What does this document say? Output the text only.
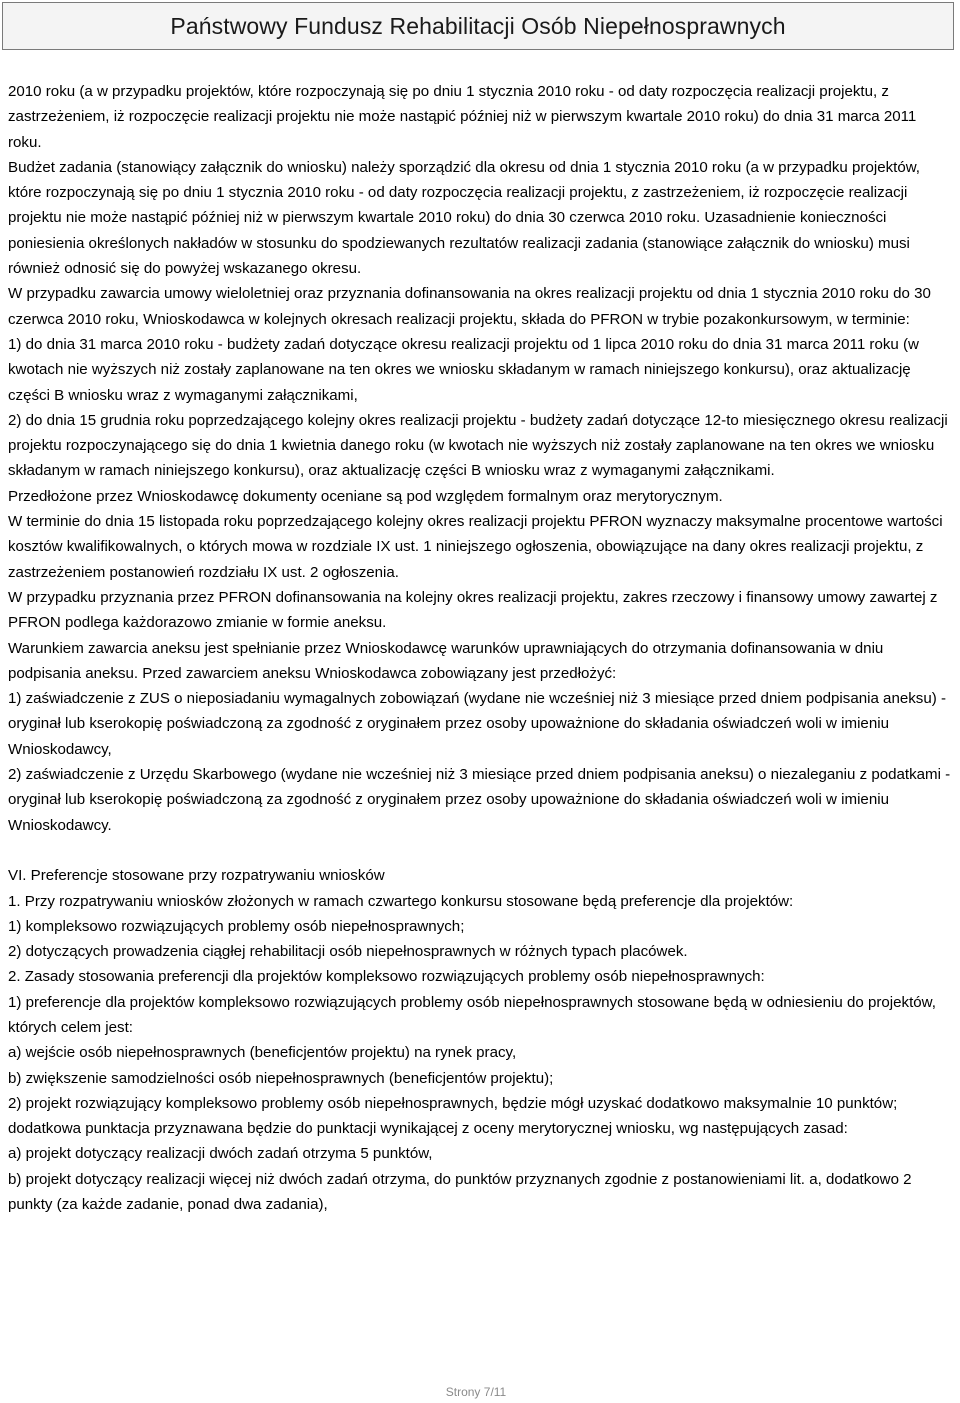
Państwowy Fundusz Rehabilitacji Osób Niepełnosprawnych

2010 roku (a w przypadku projektów, które rozpoczynają się po dniu 1 stycznia 2010 roku - od daty rozpoczęcia realizacji projektu, z zastrzeżeniem, iż rozpoczęcie realizacji projektu nie może nastąpić później niż w pierwszym kwartale 2010 roku) do dnia 31 marca 2011 roku.

Budżet zadania (stanowiący załącznik do wniosku) należy sporządzić dla okresu od dnia 1 stycznia 2010 roku (a w przypadku projektów, które rozpoczynają się po dniu 1 stycznia 2010 roku - od daty rozpoczęcia realizacji projektu, z zastrzeżeniem, iż rozpoczęcie realizacji projektu nie może nastąpić później niż w pierwszym kwartale 2010 roku) do dnia 30 czerwca 2010 roku. Uzasadnienie konieczności poniesienia określonych nakładów w stosunku do spodziewanych rezultatów realizacji zadania (stanowiące załącznik do wniosku) musi również odnosić się do powyżej wskazanego okresu.

W przypadku zawarcia umowy wieloletniej oraz przyznania dofinansowania na okres realizacji projektu od dnia 1 stycznia 2010 roku do 30 czerwca 2010 roku, Wnioskodawca w kolejnych okresach realizacji projektu, składa do PFRON w trybie pozakonkursowym, w terminie:

1) do dnia 31 marca 2010 roku - budżety zadań dotyczące okresu realizacji projektu od 1 lipca 2010 roku do dnia 31 marca 2011 roku (w kwotach nie wyższych niż zostały zaplanowane na ten okres we wniosku składanym w ramach niniejszego konkursu), oraz aktualizację części B wniosku wraz z wymaganymi załącznikami,

2) do dnia 15 grudnia roku poprzedzającego kolejny okres realizacji projektu - budżety zadań dotyczące 12-to miesięcznego okresu realizacji projektu rozpoczynającego się do dnia 1 kwietnia danego roku (w kwotach nie wyższych niż zostały zaplanowane na ten okres we wniosku składanym w ramach niniejszego konkursu), oraz aktualizację części B wniosku wraz z wymaganymi załącznikami.

Przedłożone przez Wnioskodawcę dokumenty oceniane są pod względem formalnym oraz merytorycznym.

W terminie do dnia 15 listopada roku poprzedzającego kolejny okres realizacji projektu PFRON wyznaczy maksymalne procentowe wartości kosztów kwalifikowalnych, o których mowa w rozdziale IX ust. 1 niniejszego ogłoszenia, obowiązujące na dany okres realizacji projektu, z zastrzeżeniem postanowień rozdziału IX ust. 2 ogłoszenia.

W przypadku przyznania przez PFRON dofinansowania na kolejny okres realizacji projektu, zakres rzeczowy i finansowy umowy zawartej z PFRON podlega każdorazowo zmianie w formie aneksu.

Warunkiem zawarcia aneksu jest spełnianie przez Wnioskodawcę warunków uprawniających do otrzymania dofinansowania w dniu podpisania aneksu. Przed zawarciem aneksu Wnioskodawca zobowiązany jest przedłożyć:

1) zaświadczenie z ZUS o nieposiadaniu wymagalnych zobowiązań (wydane nie wcześniej niż 3 miesiące przed dniem podpisania aneksu) - oryginał lub kserokopię poświadczoną za zgodność z oryginałem przez osoby upoważnione do składania oświadczeń woli w imieniu Wnioskodawcy,

2) zaświadczenie z Urzędu Skarbowego (wydane nie wcześniej niż 3 miesiące przed dniem podpisania aneksu) o niezaleganiu z podatkami - oryginał lub kserokopię poświadczoną za zgodność z oryginałem przez osoby upoważnione do składania oświadczeń woli w imieniu Wnioskodawcy.

VI. Preferencje stosowane przy rozpatrywaniu wniosków

1. Przy rozpatrywaniu wniosków złożonych w ramach czwartego konkursu stosowane będą preferencje dla projektów:

1) kompleksowo rozwiązujących problemy osób niepełnosprawnych;

2) dotyczących prowadzenia ciągłej rehabilitacji osób niepełnosprawnych w różnych typach placówek.

2. Zasady stosowania preferencji dla projektów kompleksowo rozwiązujących problemy osób niepełnosprawnych:

1) preferencje dla projektów kompleksowo rozwiązujących problemy osób niepełnosprawnych stosowane będą w odniesieniu do projektów, których celem jest:

a) wejście osób niepełnosprawnych (beneficjentów projektu) na rynek pracy,

b) zwiększenie samodzielności osób niepełnosprawnych (beneficjentów projektu);

2) projekt rozwiązujący kompleksowo problemy osób niepełnosprawnych, będzie mógł uzyskać dodatkowo maksymalnie 10 punktów; dodatkowa punktacja przyznawana będzie do punktacji wynikającej z oceny merytorycznej wniosku, wg następujących zasad:

a) projekt dotyczący realizacji dwóch zadań otrzyma 5 punktów,

b) projekt dotyczący realizacji więcej niż dwóch zadań otrzyma, do punktów przyznanych zgodnie z postanowieniami lit. a, dodatkowo 2 punkty (za każde zadanie, ponad dwa zadania),

Strony 7/11
